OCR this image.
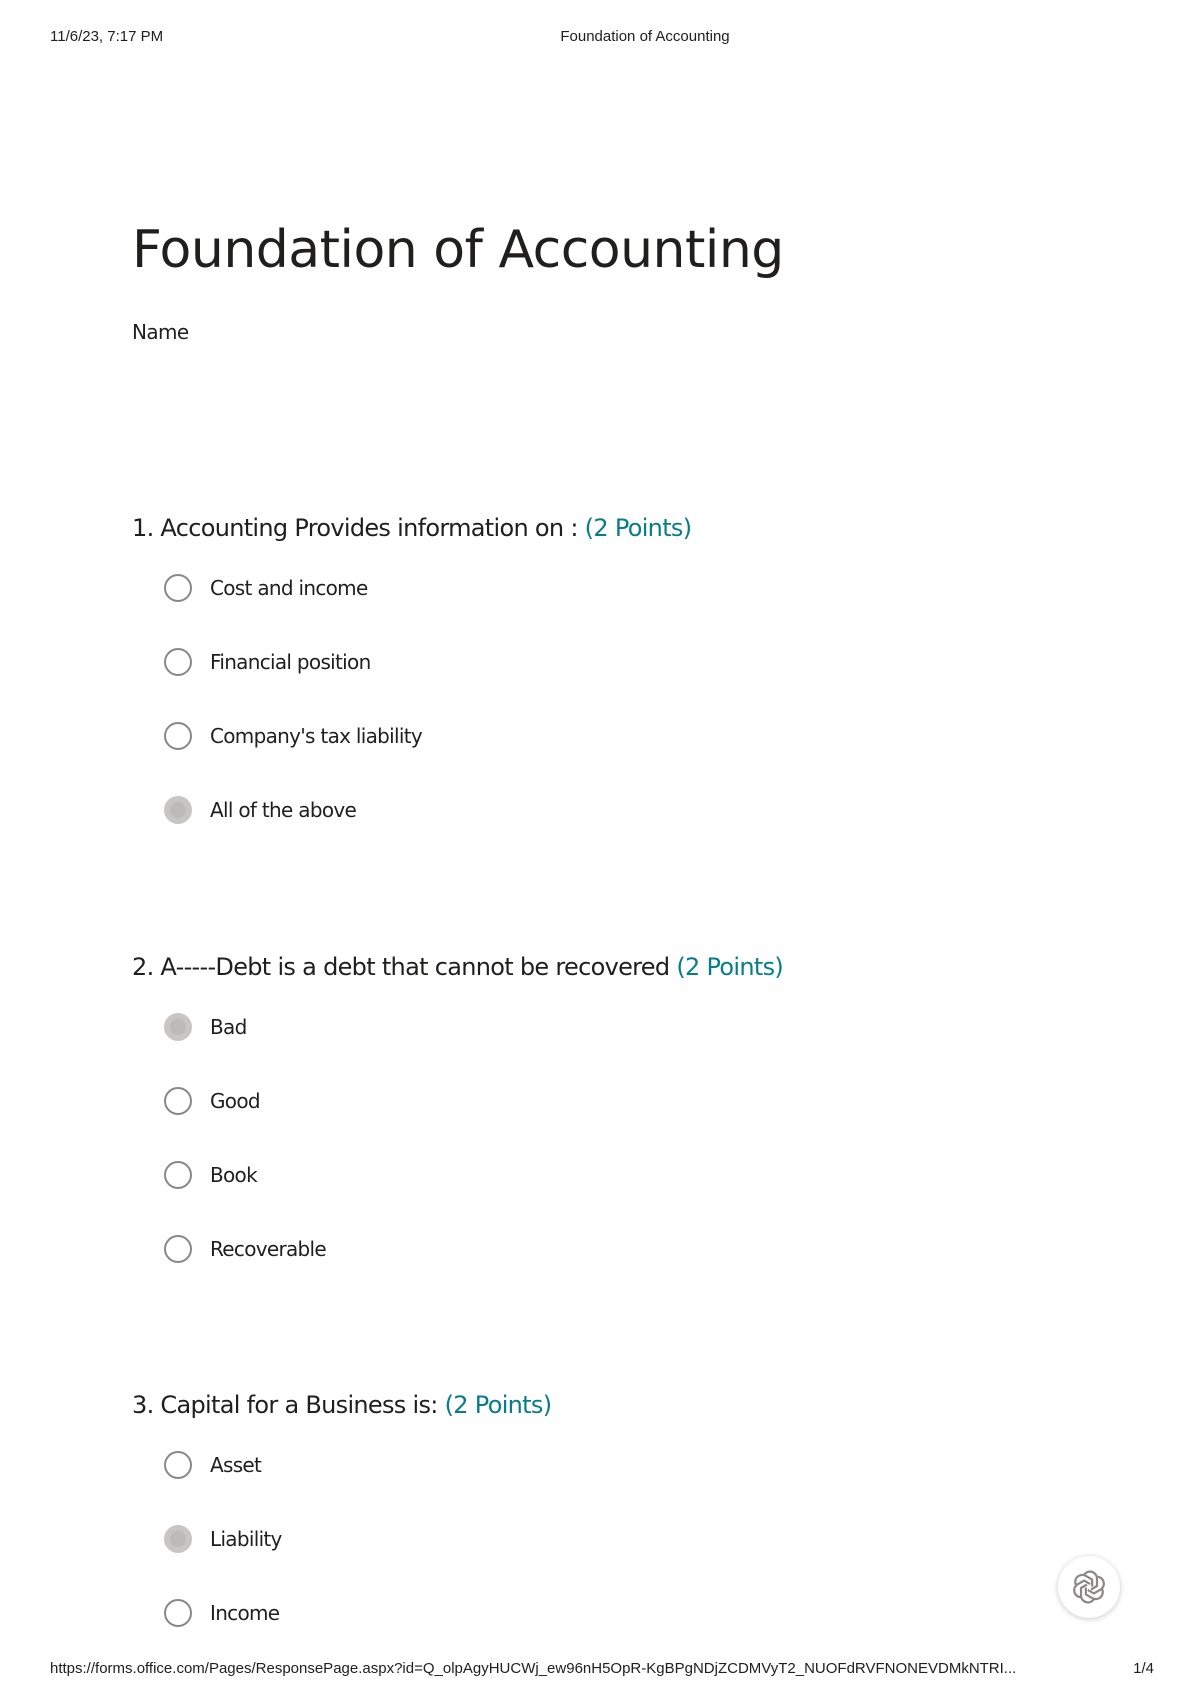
11/6/23, 7:17 PM	Foundation of Accounting
Foundation of Accounting
Name
1. Accounting Provides information on : (2 Points)
Cost and income
Financial position
Company's tax liability
All of the above
2. A-----Debt is a debt that cannot be recovered (2 Points)
Bad
Good
Book
Recoverable
3. Capital for a Business is: (2 Points)
Asset
Liability
Income
https://forms.office.com/Pages/ResponsePage.aspx?id=Q_olpAgyHUCWj_ew96nH5OpR-KgBPgNDjZCDMVyT2_NUOFdRVFNONEVDMkNTRI...	1/4
